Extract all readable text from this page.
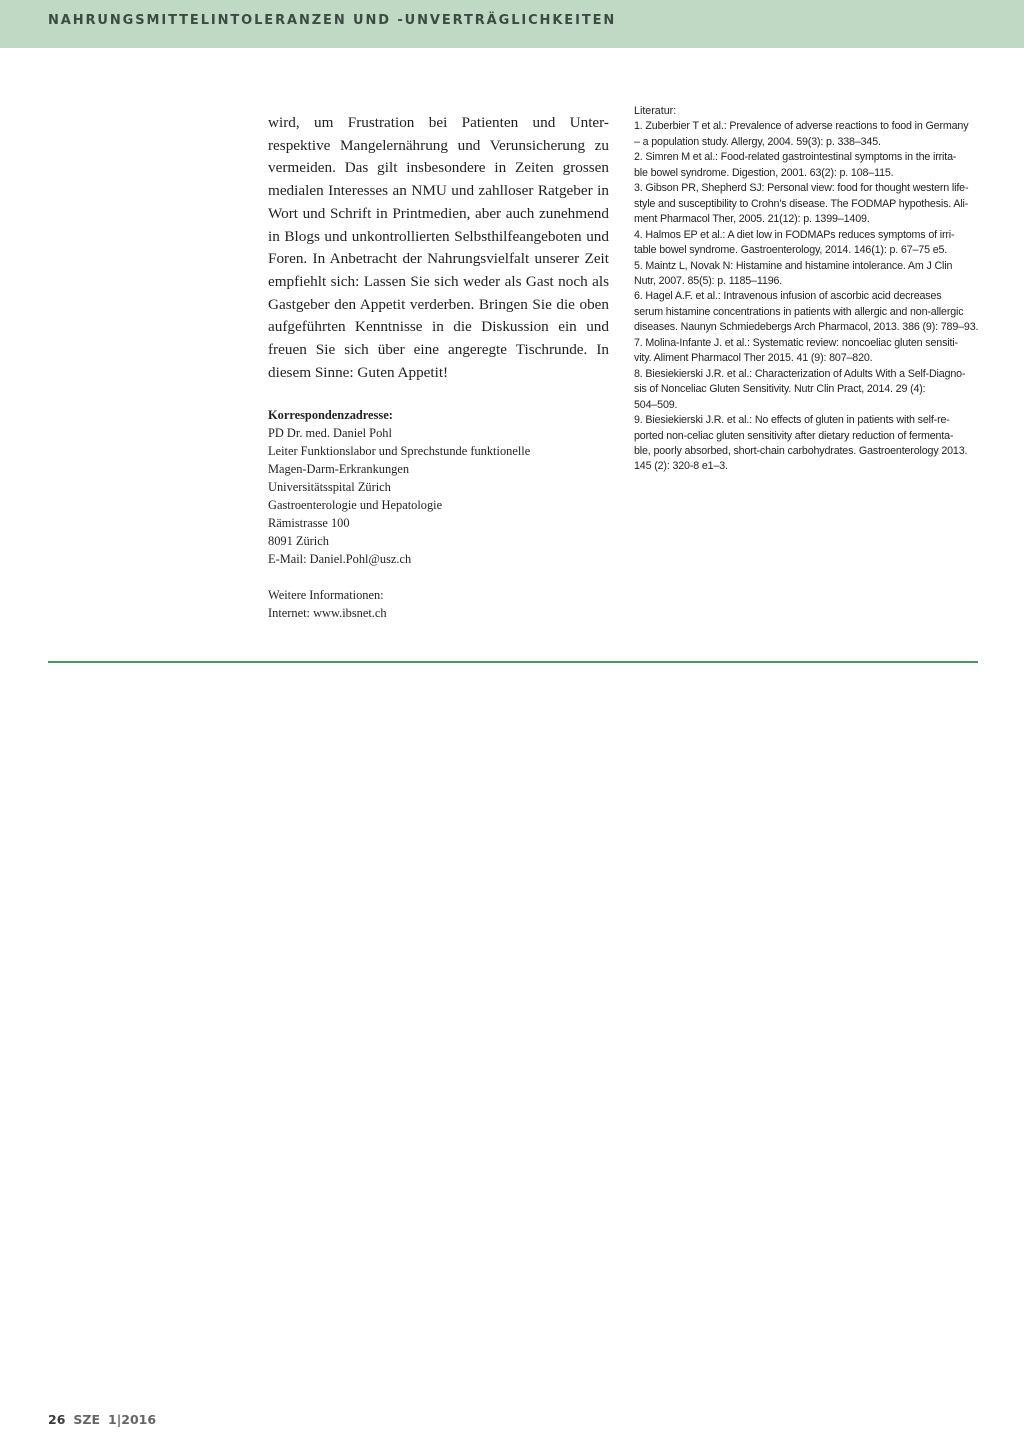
NAHRUNGSMITTELINTOLERANZEN UND -UNVERTRÄGLICHKEITEN

wird, um Frustration bei Patienten und Unter- respektive Mangelernährung und Verunsicherung zu vermeiden. Das gilt insbesondere in Zeiten grossen medialen Interesses an NMU und zahlloser Ratgeber in Wort und Schrift in Printmedien, aber auch zunehmend in Blogs und unkontrollierten Selbsthilfeangeboten und Foren. In Anbetracht der Nahrungsvielfalt unserer Zeit empfiehlt sich: Lassen Sie sich weder als Gast noch als Gastgeber den Appetit verderben. Bringen Sie die oben aufgeführten Kenntnisse in die Diskussion ein und freuen Sie sich über eine angeregte Tischrunde. In diesem Sinne: Guten Appetit!

Korrespondenzadresse:
PD Dr. med. Daniel Pohl
Leiter Funktionslabor und Sprechstunde funktionelle
Magen-Darm-Erkrankungen
Universitätsspital Zürich
Gastroenterologie und Hepatologie
Rämistrasse 100
8091 Zürich
E-Mail: Daniel.Pohl@usz.ch
Weitere Informationen:
Internet: www.ibsnet.ch
Literatur:
1. Zuberbier T et al.: Prevalence of adverse reactions to food in Germany
– a population study. Allergy, 2004. 59(3): p. 338–345.
2. Simren M et al.: Food-related gastrointestinal symptoms in the irrita-
ble bowel syndrome. Digestion, 2001. 63(2): p. 108–115.
3. Gibson PR, Shepherd SJ: Personal view: food for thought western life-
style and susceptibility to Crohn's disease. The FODMAP hypothesis. Ali-
ment Pharmacol Ther, 2005. 21(12): p. 1399–1409.
4. Halmos EP et al.: A diet low in FODMAPs reduces symptoms of irri-
table bowel syndrome. Gastroenterology, 2014. 146(1): p. 67–75 e5.
5. Maintz L, Novak N: Histamine and histamine intolerance. Am J Clin
Nutr, 2007. 85(5): p. 1185–1196.
6. Hagel A.F. et al.: Intravenous infusion of ascorbic acid decreases
serum histamine concentrations in patients with allergic and non-allergic
diseases. Naunyn Schmiedebergs Arch Pharmacol, 2013. 386 (9): 789–93.
7. Molina-Infante J. et al.: Systematic review: noncoeliac gluten sensiti-
vity. Aliment Pharmacol Ther 2015. 41 (9): 807–820.
8. Biesiekierski J.R. et al.: Characterization of Adults With a Self-Diagno-
sis of Nonceliac Gluten Sensitivity. Nutr Clin Pract, 2014. 29 (4):
504–509.
9. Biesiekierski J.R. et al.: No effects of gluten in patients with self-re-
ported non-celiac gluten sensitivity after dietary reduction of fermenta-
ble, poorly absorbed, short-chain carbohydrates. Gastroenterology 2013.
145 (2): 320-8 e1–3.
26 SZE 1|2016
